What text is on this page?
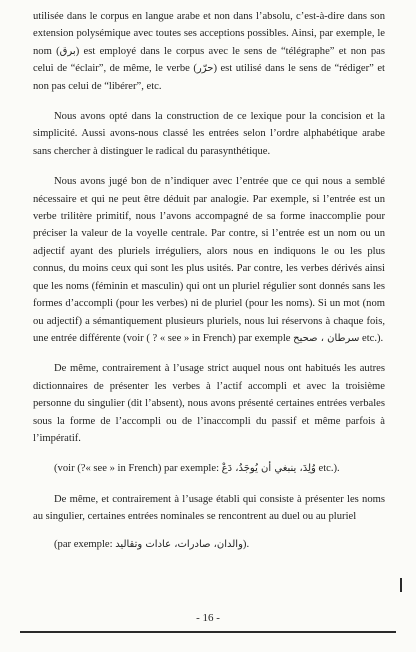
utilisée dans le corpus en langue arabe et non dans l’absolu, c’est-à-dire dans son extension polysémique avec toutes ses acceptions possibles. Ainsi, par exemple, le nom (برق) est employé dans le corpus avec le sens de “télégraphe” et non pas celui de “éclair”, de même, le verbe (حرّر) est utilisé dans le sens de “rédiger” et non pas celui de “libérer”, etc.

Nous avons opté dans la construction de ce lexique pour la concision et la simplicité. Aussi avons-nous classé les entrées selon l’ordre alphabétique arabe sans chercher à distinguer le radical du parasynthétique.

Nous avons jugé bon de n’indiquer avec l’entrée que ce qui nous a semblé nécessaire et qui ne peut être déduit par analogie. Par exemple, si l’entrée est un verbe trilitère primitif, nous l’avons accompagné de sa forme inaccomplie pour préciser la valeur de la voyelle centrale. Par contre, si l’entrée est un nom ou un adjectif ayant des pluriels irréguliers, alors nous en indiquons le ou les plus connus, du moins ceux qui sont les plus usités. Par contre, les verbes dérivés ainsi que les noms (féminin et masculin) qui ont un pluriel régulier sont donnés sans les formes d’accompli (pour les verbes) ni de pluriel (pour les noms). Si un mot (nom ou adjectif) a sémantiquement plusieurs pluriels, nous lui réservons à chaque fois, une entrée différente (voir ( ? « see » in French) par exemple سرطان ، صحيح etc.).

De même, contrairement à l’usage strict auquel nous ont habitués les autres dictionnaires de présenter les verbes à l’actif accompli et avec la troisième personne du singulier (dit l’absent), nous avons présenté certaines entrées verbales sous la forme de l’accompli ou de l’inaccompli du passif et même parfois à l’impératif.

(voir (?« see » in French) par exemple: وُلِدَ، ينبغي أن يُوجَدُ، دَعْ etc.).

De même, et contrairement à l’usage établi qui consiste à présenter les noms au singulier, certaines entrées nominales se rencontrent au duel ou au pluriel

(par exemple: والدان، صادرات، عادات وتقاليد).

- 16 -
